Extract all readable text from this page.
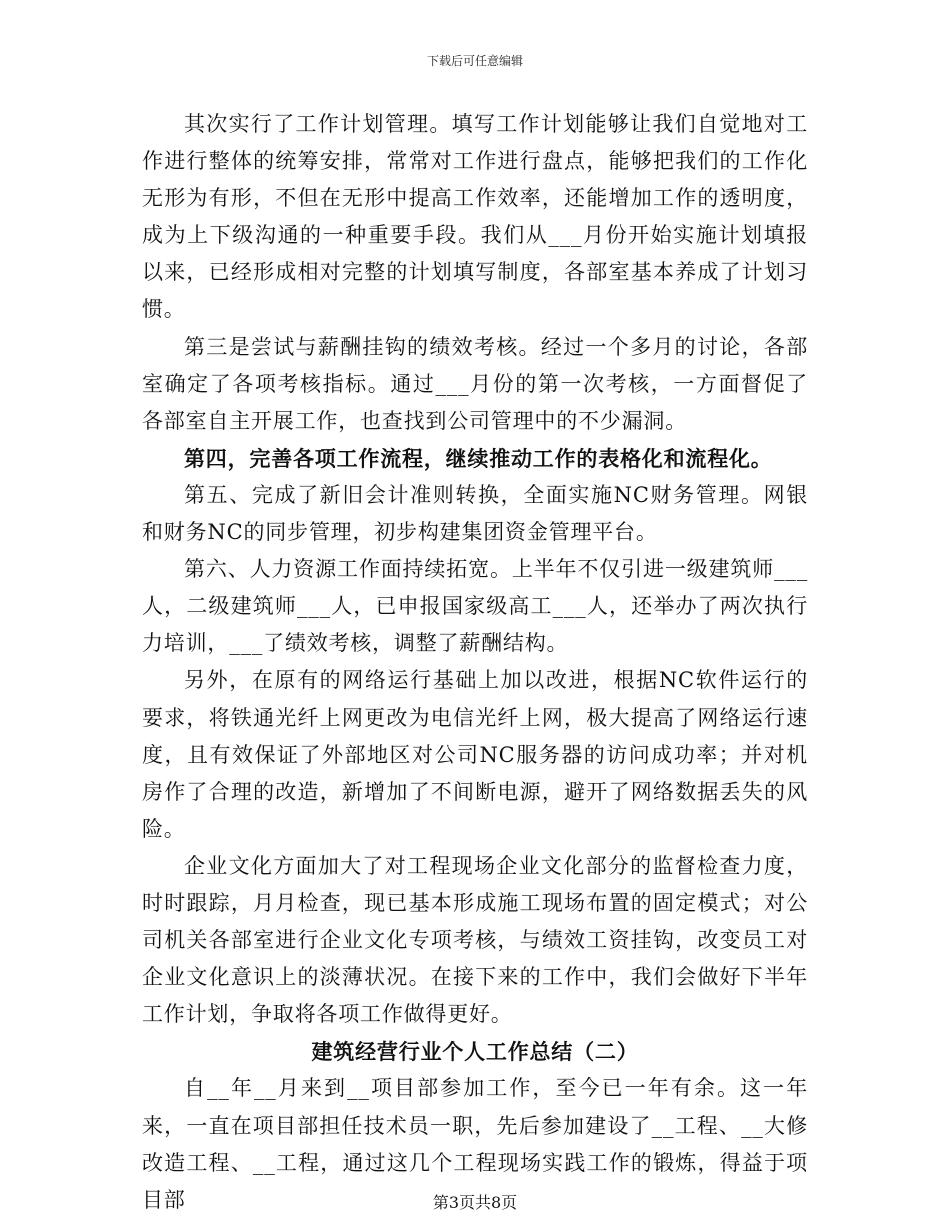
下载后可任意编辑

其次实行了工作计划管理。填写工作计划能够让我们自觉地对工作进行整体的统筹安排，常常对工作进行盘点，能够把我们的工作化无形为有形，不但在无形中提高工作效率，还能增加工作的透明度，成为上下级沟通的一种重要手段。我们从___月份开始实施计划填报以来，已经形成相对完整的计划填写制度，各部室基本养成了计划习惯。

第三是尝试与薪酬挂钩的绩效考核。经过一个多月的讨论，各部室确定了各项考核指标。通过___月份的第一次考核，一方面督促了各部室自主开展工作，也查找到公司管理中的不少漏洞。

第四，完善各项工作流程，继续推动工作的表格化和流程化。

第五、完成了新旧会计准则转换，全面实施NC财务管理。网银和财务NC的同步管理，初步构建集团资金管理平台。

第六、人力资源工作面持续拓宽。上半年不仅引进一级建筑师___人，二级建筑师___人，已申报国家级高工___人，还举办了两次执行力培训，___了绩效考核，调整了薪酬结构。

另外，在原有的网络运行基础上加以改进，根据NC软件运行的要求，将铁通光纤上网更改为电信光纤上网，极大提高了网络运行速度，且有效保证了外部地区对公司NC服务器的访问成功率；并对机房作了合理的改造，新增加了不间断电源，避开了网络数据丢失的风险。

企业文化方面加大了对工程现场企业文化部分的监督检查力度，时时跟踪，月月检查，现已基本形成施工现场布置的固定模式；对公司机关各部室进行企业文化专项考核，与绩效工资挂钩，改变员工对企业文化意识上的淡薄状况。在接下来的工作中，我们会做好下半年工作计划，争取将各项工作做得更好。

建筑经营行业个人工作总结（二）

自__年__月来到__项目部参加工作，至今已一年有余。这一年来，一直在项目部担任技术员一职，先后参加建设了__工程、__大修改造工程、__工程，通过这几个工程现场实践工作的锻炼，得益于项目部	第3页共8页
